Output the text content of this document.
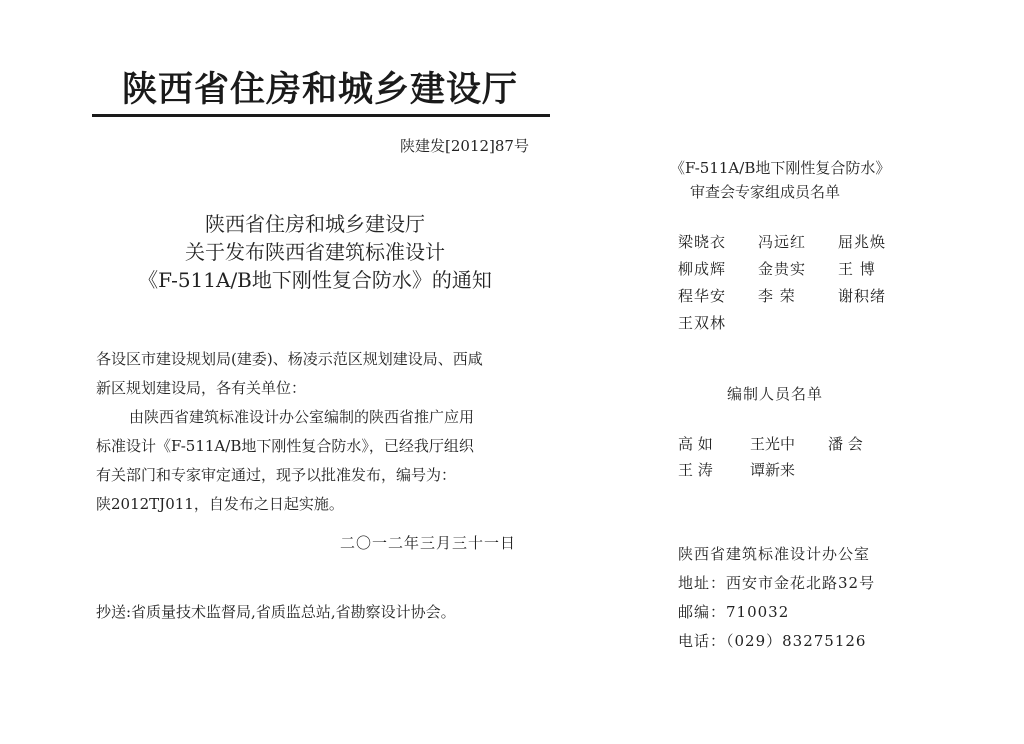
陕西省住房和城乡建设厅
陕建发[2012]87号
陕西省住房和城乡建设厅
关于发布陕西省建筑标准设计
《F-511A/B地下刚性复合防水》的通知
各设区市建设规划局(建委)、杨凌示范区规划建设局、西咸
新区规划建设局，各有关单位：
由陕西省建筑标准设计办公室编制的陕西省推广应用
标准设计《F-511A/B地下刚性复合防水》，已经我厅组织
有关部门和专家审定通过，现予以批准发布，编号为：
陕2012TJ011，自发布之日起实施。
二〇一二年三月三十一日
抄送:省质量技术监督局,省质监总站,省勘察设计协会。
《F-511A/B地下刚性复合防水》
审查会专家组成员名单
梁晓衣	冯远红	屈兆焕
柳成辉	金贵实	王 博
程华安	李 荣	谢积绪
王双林
编制人员名单
高 如	王光中	潘 会
王 涛	谭新来
陕西省建筑标准设计办公室
地址：西安市金花北路32号
邮编：710032
电话：（029）83275126
